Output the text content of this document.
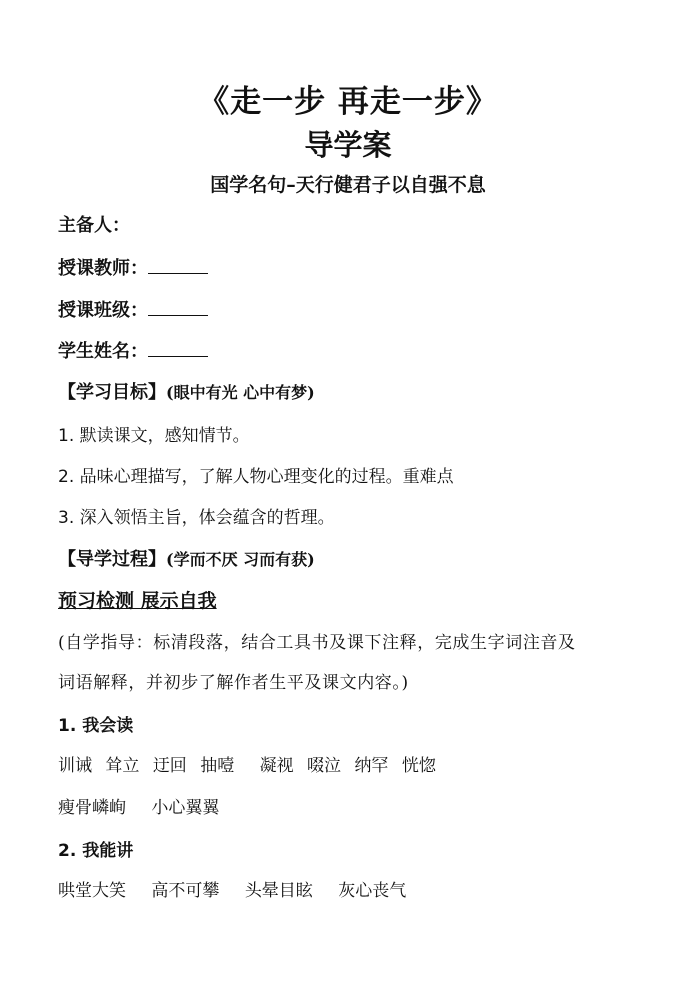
《走一步 再走一步》
导学案
国学名句–天行健君子以自强不息
主备人：
授课教师：
授课班级：
学生姓名：
【学习目标】(眼中有光 心中有梦)
1. 默读课文，感知情节。
2. 品味心理描写，了解人物心理变化的过程。重难点
3. 深入领悟主旨，体会蕴含的哲理。
【导学过程】(学而不厌 习而有获)
预习检测 展示自我
(自学指导：标清段落，结合工具书及课下注释，完成生字词注音及
词语解释，并初步了解作者生平及课文内容。)
1. 我会读
训诫 耸立 迂回 抽噎 凝视 啜泣 纳罕 恍惚
瘦骨嶙峋 小心翼翼
2. 我能讲
哄堂大笑 高不可攀 头晕目眩 灰心丧气
